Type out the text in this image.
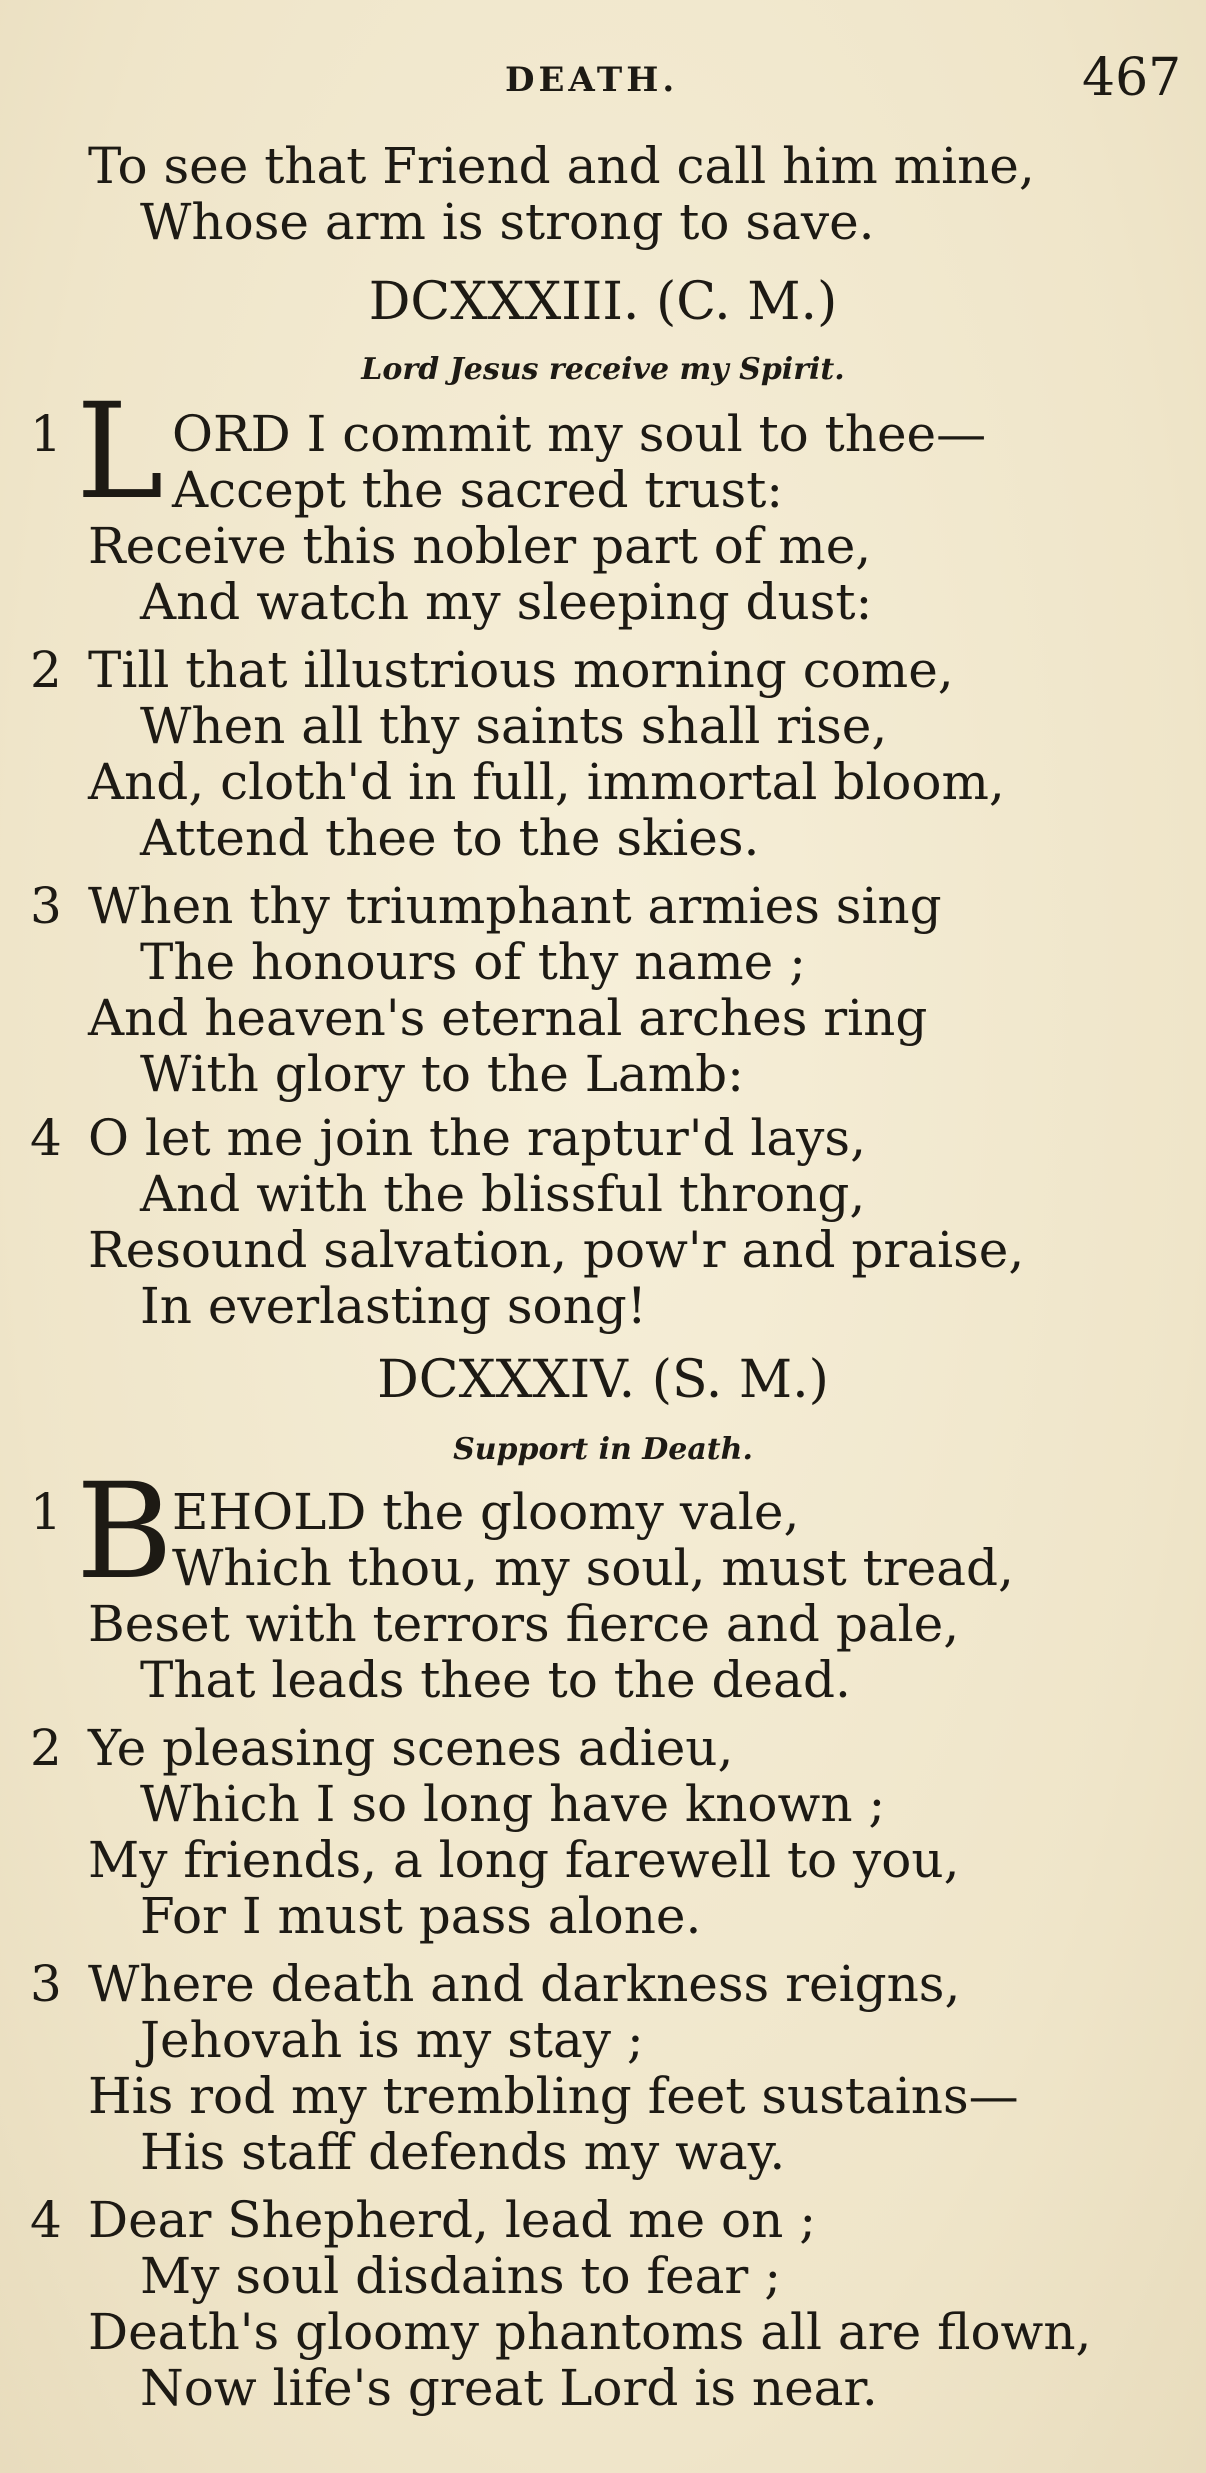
DEATH.	467
To see that Friend and call him mine,
Whose arm is strong to save.
DCXXXIII. (C. M.)
Lord Jesus receive my Spirit.
1 L ORD I commit my soul to thee—
Accept the sacred trust:
Receive this nobler part of me,
And watch my sleeping dust:
2 Till that illustrious morning come,
When all thy saints shall rise,
And, cloth'd in full, immortal bloom,
Attend thee to the skies.
3 When thy triumphant armies sing
The honours of thy name ;
And heaven's eternal arches ring
With glory to the Lamb:
4 O let me join the raptur'd lays,
And with the blissful throng,
Resound salvation, pow'r and praise,
In everlasting song!
DCXXXIV. (S. M.)
Support in Death.
1 B
EHOLD the gloomy vale,
Which thou, my soul, must tread,
Beset with terrors fierce and pale,
That leads thee to the dead.
2 Ye pleasing scenes adieu,
Which I so long have known ;
My friends, a long farewell to you,
For I must pass alone.
3 Where death and darkness reigns,
Jehovah is my stay ;
His rod my trembling feet sustains—
His staff defends my way.
4 Dear Shepherd, lead me on ;
My soul disdains to fear ;
Death's gloomy phantoms all are flown,
Now life's great Lord is near.
